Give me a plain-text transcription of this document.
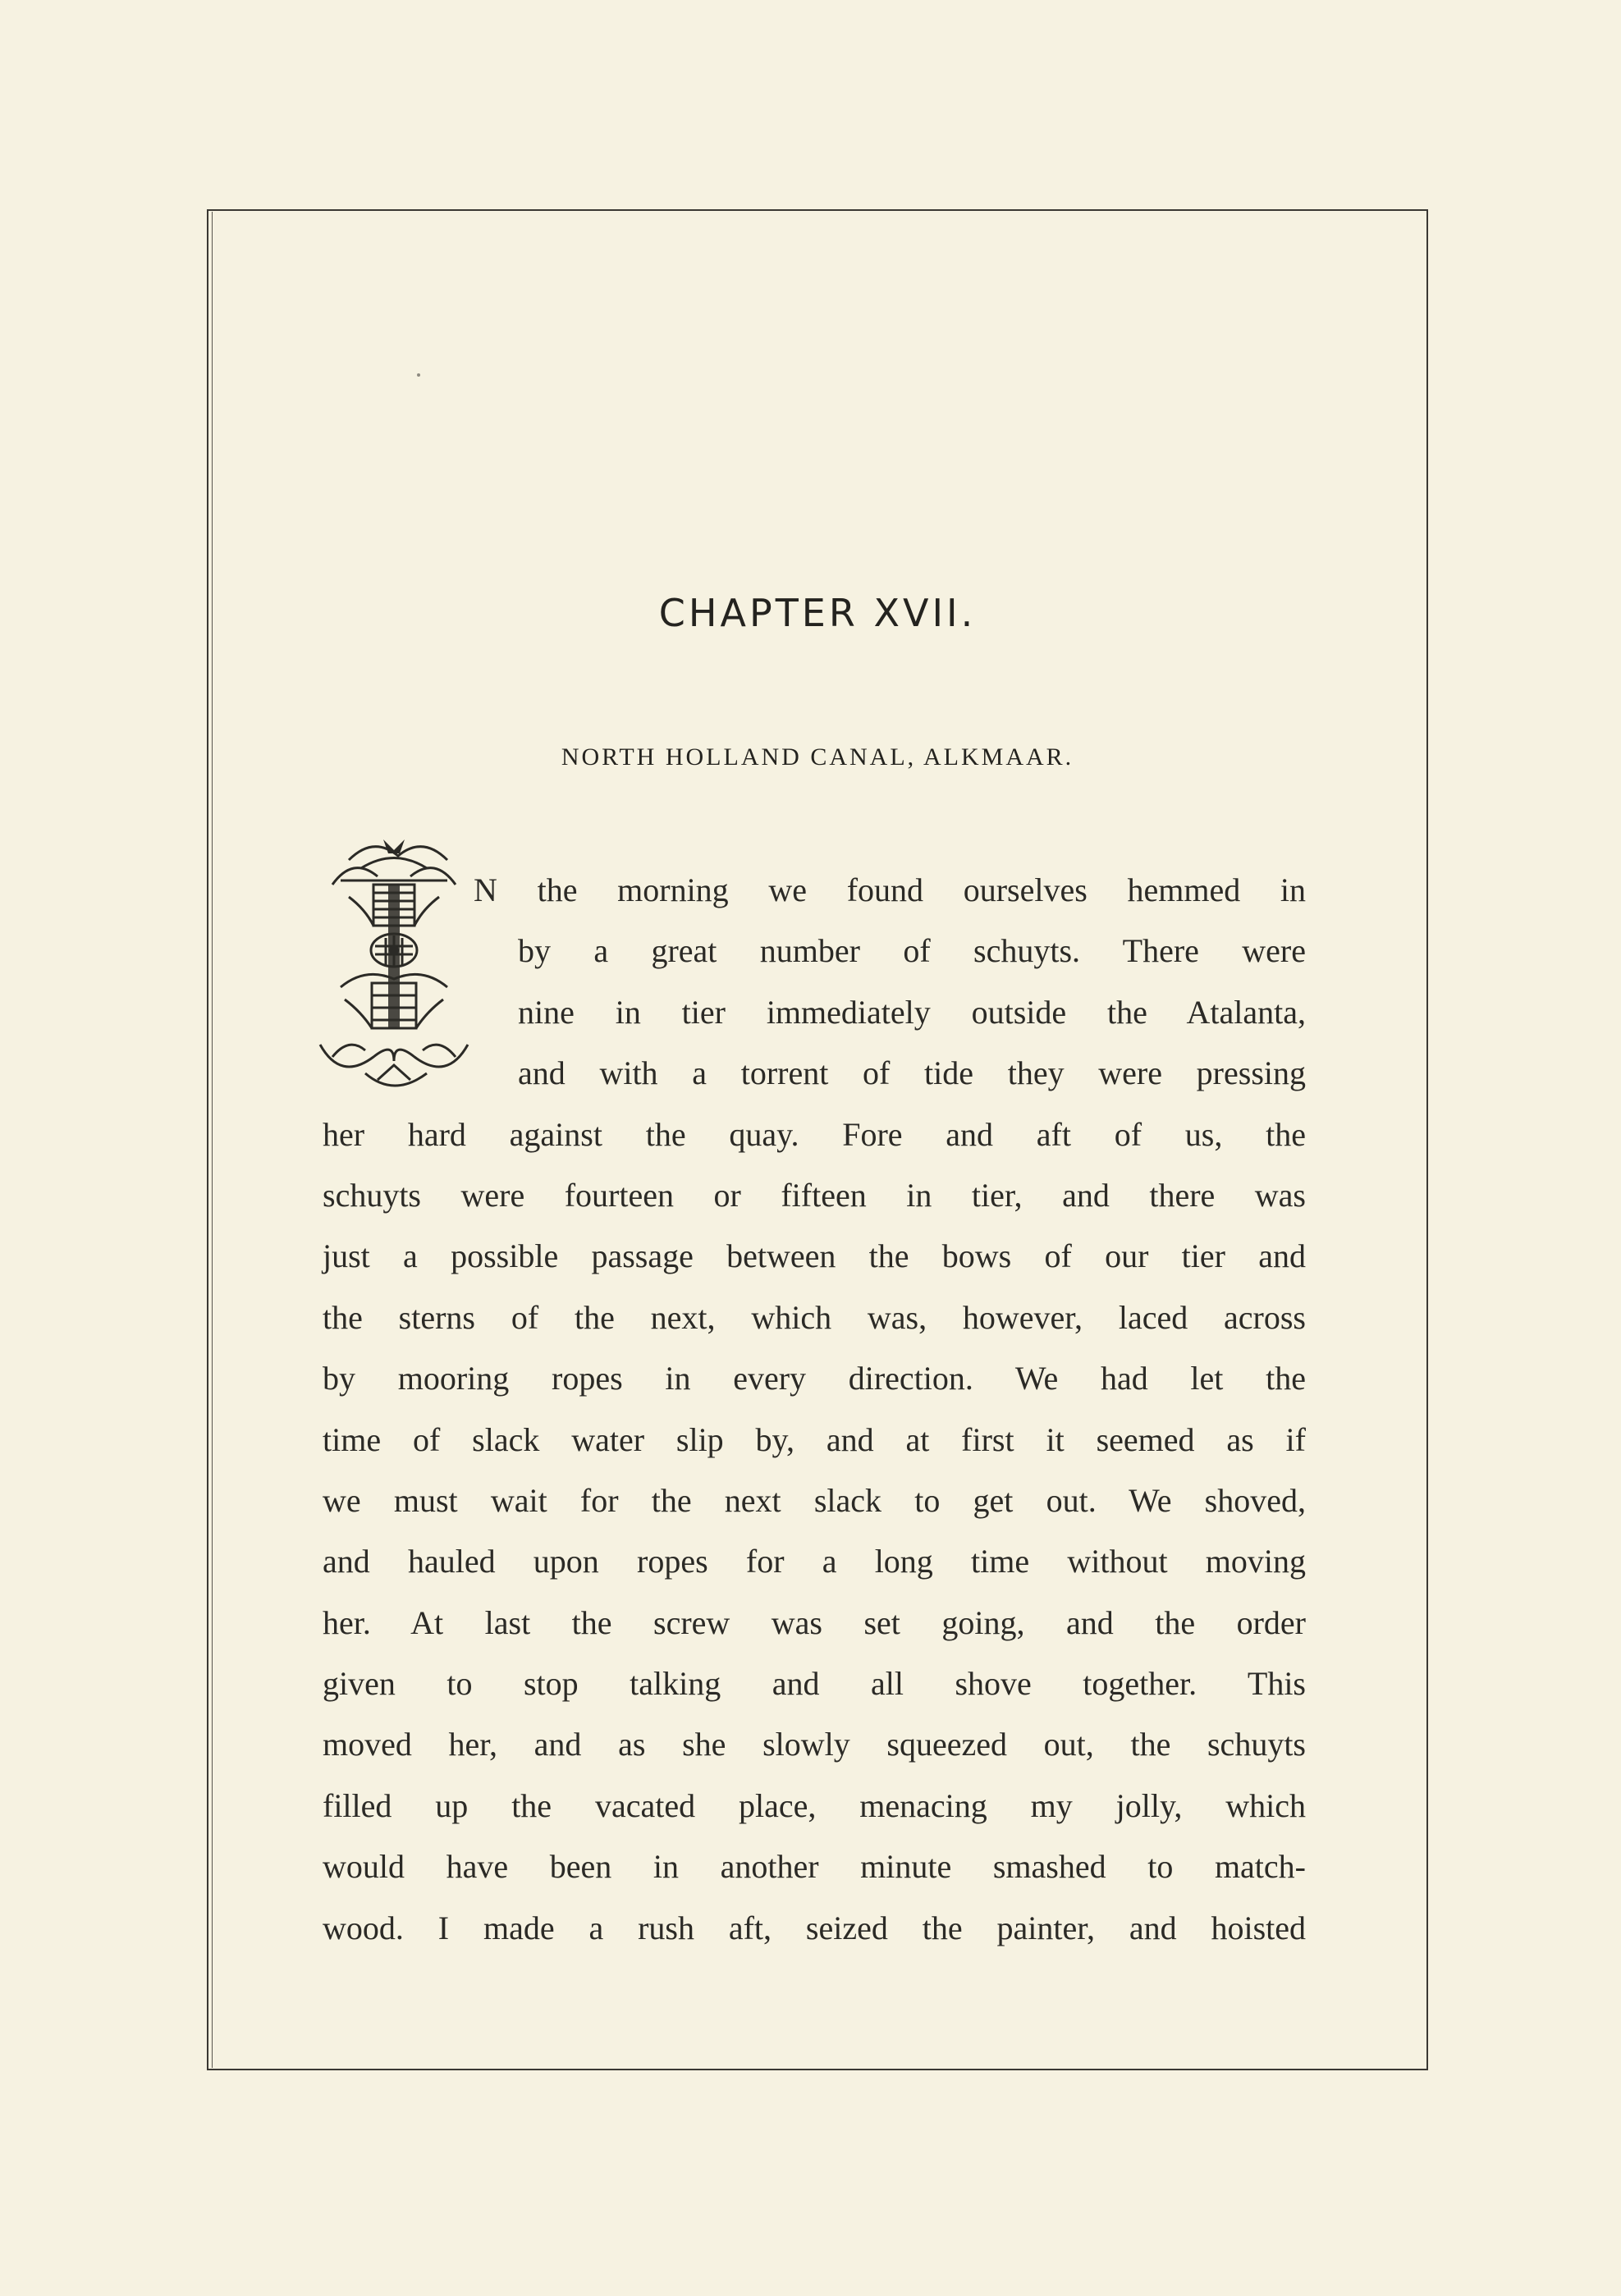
CHAPTER XVII.
NORTH HOLLAND CANAL, ALKMAAR.
N the morning we found ourselves hemmed in
by a great number of schuyts. There were
nine in tier immediately outside the Atalanta,
and with a torrent of tide they were pressing
her hard against the quay. Fore and aft of us, the
schuyts were fourteen or fifteen in tier, and there was
just a possible passage between the bows of our tier and
the sterns of the next, which was, however, laced across
by mooring ropes in every direction. We had let the
time of slack water slip by, and at first it seemed as if
we must wait for the next slack to get out. We shoved,
and hauled upon ropes for a long time without moving
her. At last the screw was set going, and the order
given to stop talking and all shove together. This
moved her, and as she slowly squeezed out, the schuyts
filled up the vacated place, menacing my jolly, which
would have been in another minute smashed to match-
wood. I made a rush aft, seized the painter, and hoisted
